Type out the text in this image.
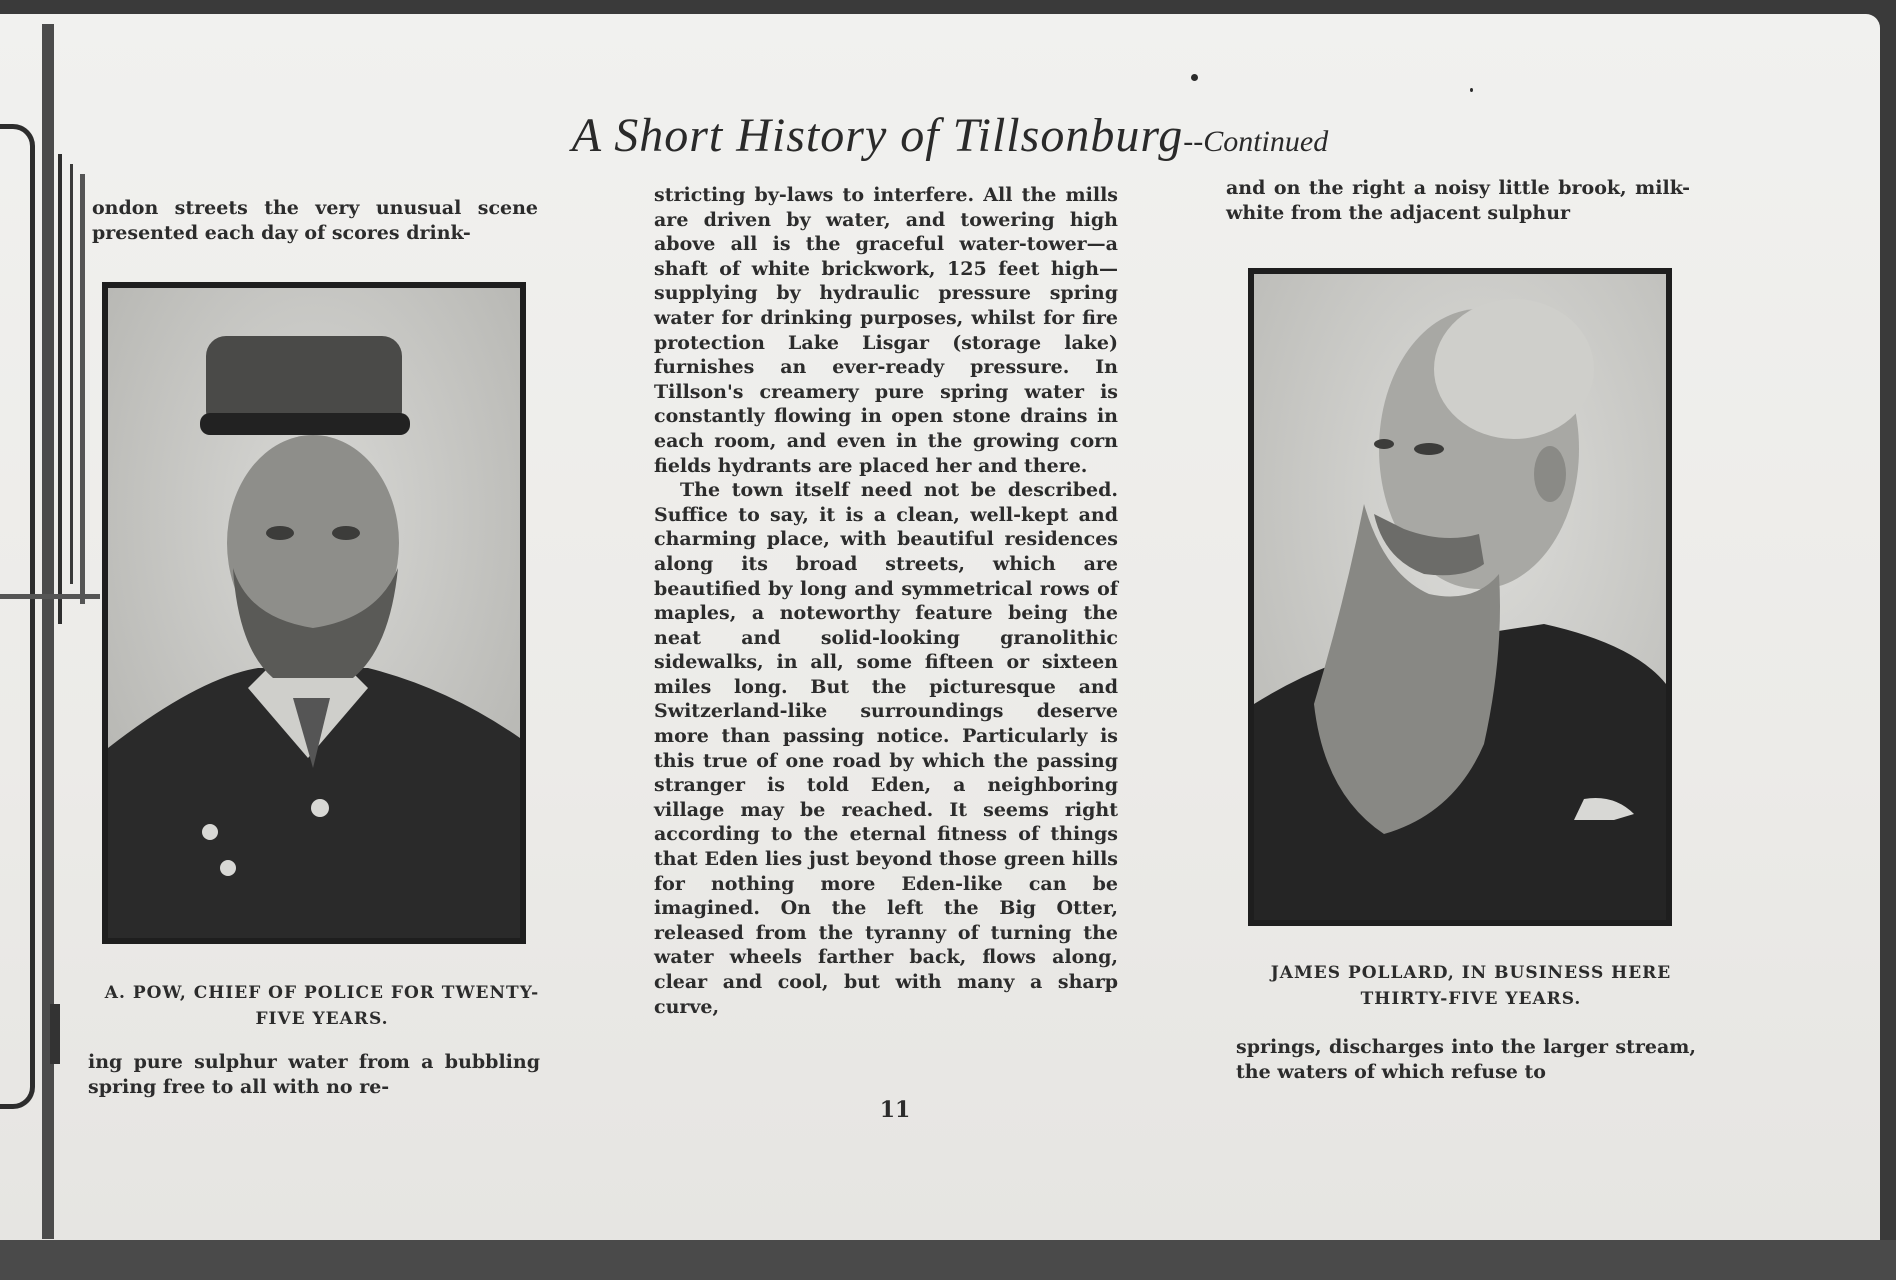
A Short History of Tillsonburg--Continued

ondon streets the very unusual scene presented each day of scores drink-

A. POW, CHIEF OF POLICE FOR TWENTY-FIVE YEARS.

ing pure sulphur water from a bubbling spring free to all with no re-

stricting by-laws to interfere. All the mills are driven by water, and towering high above all is the graceful water-tower—a shaft of white brickwork, 125 feet high—supplying by hydraulic pressure spring water for drinking purposes, whilst for fire protection Lake Lisgar (storage lake) furnishes an ever-ready pressure. In Tillson's creamery pure spring water is constantly flowing in open stone drains in each room, and even in the growing corn fields hydrants are placed her and there.

The town itself need not be described. Suffice to say, it is a clean, well-kept and charming place, with beautiful residences along its broad streets, which are beautified by long and symmetrical rows of maples, a noteworthy feature being the neat and solid-looking granolithic sidewalks, in all, some fifteen or sixteen miles long. But the picturesque and Switzerland-like surroundings deserve more than passing notice. Particularly is this true of one road by which the passing stranger is told Eden, a neighboring village may be reached. It seems right according to the eternal fitness of things that Eden lies just beyond those green hills for nothing more Eden-like can be imagined. On the left the Big Otter, released from the tyranny of turning the water wheels farther back, flows along, clear and cool, but with many a sharp curve,

11

and on the right a noisy little brook, milk-white from the adjacent sulphur

JAMES POLLARD, IN BUSINESS HERE THIRTY-FIVE YEARS.

springs, discharges into the larger stream, the waters of which refuse to
